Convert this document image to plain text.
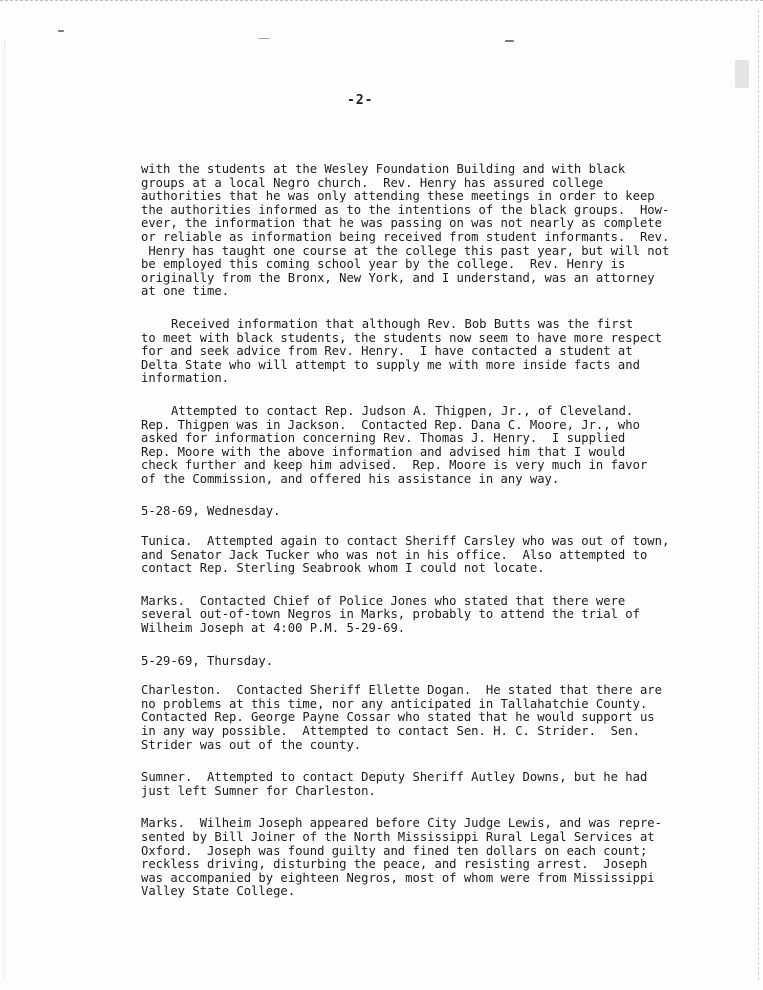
-2-
with the students at the Wesley Foundation Building and with black
groups at a local Negro church.  Rev. Henry has assured college
authorities that he was only attending these meetings in order to keep
the authorities informed as to the intentions of the black groups.  How-
ever, the information that he was passing on was not nearly as complete
or reliable as information being received from student informants.  Rev.
Henry has taught one course at the college this past year, but will not
be employed this coming school year by the college.  Rev. Henry is
originally from the Bronx, New York, and I understand, was an attorney
at one time.
Received information that although Rev. Bob Butts was the first
to meet with black students, the students now seem to have more respect
for and seek advice from Rev. Henry.  I have contacted a student at
Delta State who will attempt to supply me with more inside facts and
information.
Attempted to contact Rep. Judson A. Thigpen, Jr., of Cleveland.
Rep. Thigpen was in Jackson.  Contacted Rep. Dana C. Moore, Jr., who
asked for information concerning Rev. Thomas J. Henry.  I supplied
Rep. Moore with the above information and advised him that I would
check further and keep him advised.  Rep. Moore is very much in favor
of the Commission, and offered his assistance in any way.
5-28-69, Wednesday.
Tunica.  Attempted again to contact Sheriff Carsley who was out of town,
and Senator Jack Tucker who was not in his office.  Also attempted to
contact Rep. Sterling Seabrook whom I could not locate.
Marks.  Contacted Chief of Police Jones who stated that there were
several out-of-town Negros in Marks, probably to attend the trial of
Wilheim Joseph at 4:00 P.M. 5-29-69.
5-29-69, Thursday.
Charleston.  Contacted Sheriff Ellette Dogan.  He stated that there are
no problems at this time, nor any anticipated in Tallahatchie County.
Contacted Rep. George Payne Cossar who stated that he would support us
in any way possible.  Attempted to contact Sen. H. C. Strider.  Sen.
Strider was out of the county.
Sumner.  Attempted to contact Deputy Sheriff Autley Downs, but he had
just left Sumner for Charleston.
Marks.  Wilheim Joseph appeared before City Judge Lewis, and was repre-
sented by Bill Joiner of the North Mississippi Rural Legal Services at
Oxford.  Joseph was found guilty and fined ten dollars on each count;
reckless driving, disturbing the peace, and resisting arrest.  Joseph
was accompanied by eighteen Negros, most of whom were from Mississippi
Valley State College.
